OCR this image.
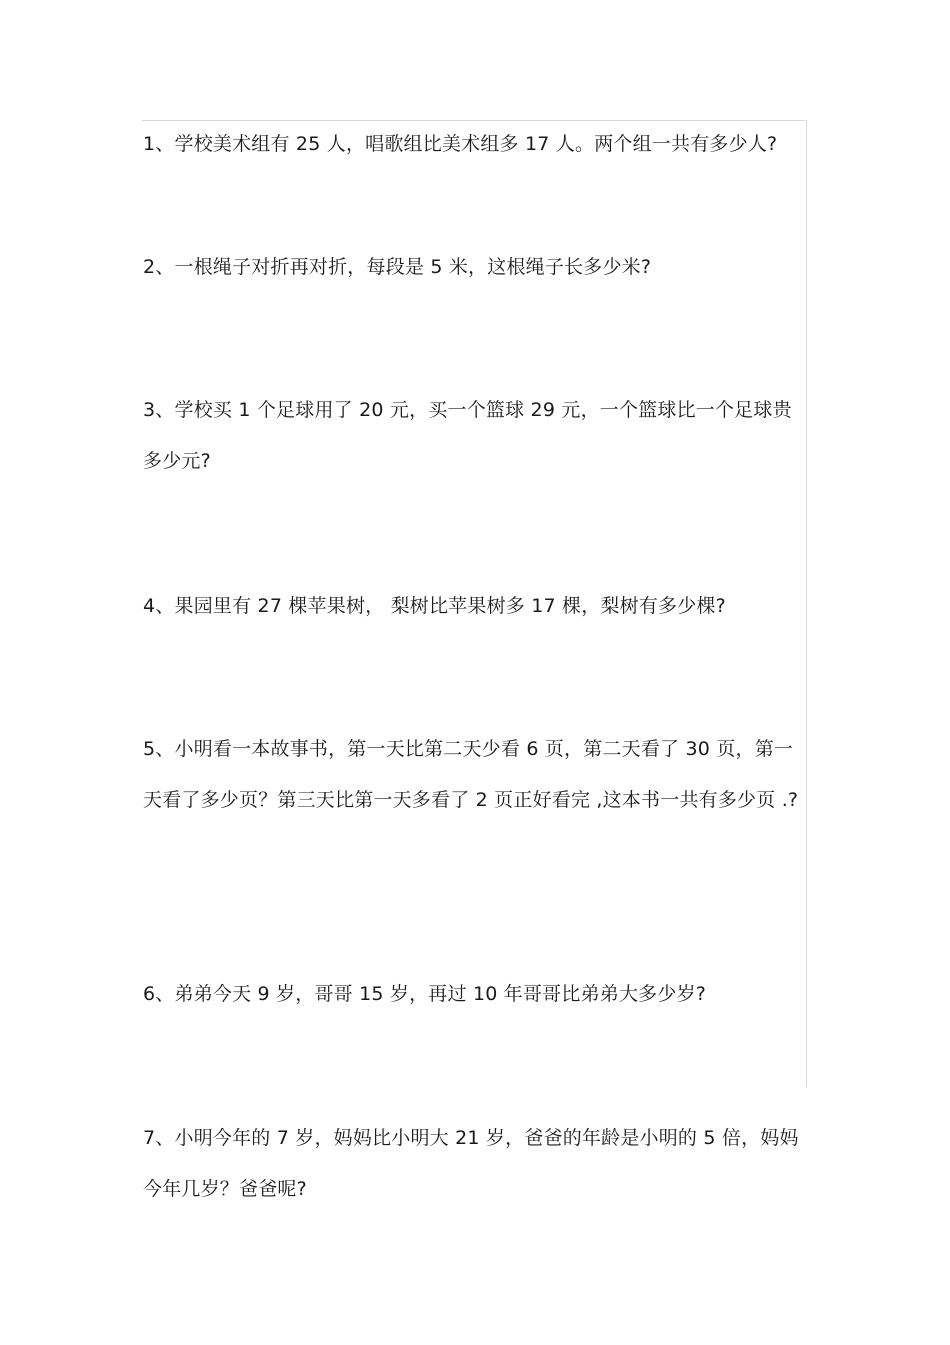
1、学校美术组有 25 人，唱歌组比美术组多 17 人。两个组一共有多少人?
2、一根绳子对折再对折，每段是 5 米，这根绳子长多少米?
3、学校买 1 个足球用了 20 元，买一个篮球 29 元，一个篮球比一个足球贵多少元?
4、果园里有 27 棵苹果树， 梨树比苹果树多 17 棵，梨树有多少棵?
5、小明看一本故事书，第一天比第二天少看 6 页，第二天看了 30 页，第一天看了多少页？第三天比第一天多看了 2 页正好看完 ,这本书一共有多少页 .?
6、弟弟今天 9 岁，哥哥 15 岁，再过 10 年哥哥比弟弟大多少岁?
7、小明今年的 7 岁，妈妈比小明大 21 岁，爸爸的年龄是小明的 5 倍，妈妈今年几岁？爸爸呢?
